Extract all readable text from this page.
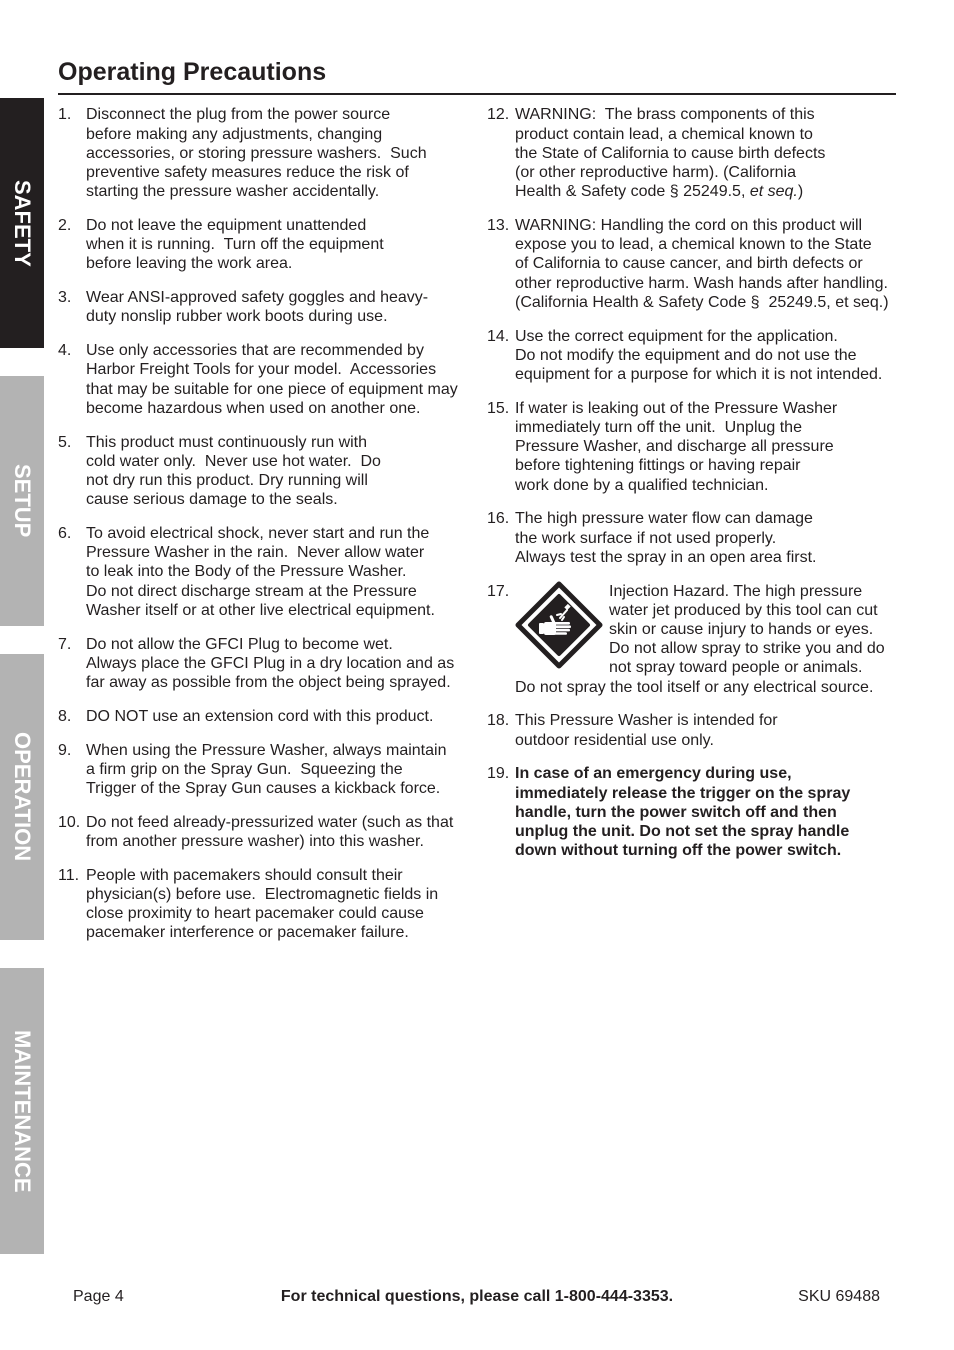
SAFETY
SETUP
OPERATION
MAINTENANCE
Operating Precautions
1. Disconnect the plug from the power source
before making any adjustments, changing
accessories, or storing pressure washers.  Such
preventive safety measures reduce the risk of
starting the pressure washer accidentally.
2. Do not leave the equipment unattended
when it is running.  Turn off the equipment
before leaving the work area.
3. Wear ANSI-approved safety goggles and heavy-
duty nonslip rubber work boots during use.
4. Use only accessories that are recommended by
Harbor Freight Tools for your model.  Accessories
that may be suitable for one piece of equipment may
become hazardous when used on another one.
5. This product must continuously run with
cold water only.  Never use hot water.  Do
not dry run this product. Dry running will
cause serious damage to the seals.
6. To avoid electrical shock, never start and run the
Pressure Washer in the rain.  Never allow water
to leak into the Body of the Pressure Washer.
Do not direct discharge stream at the Pressure
Washer itself or at other live electrical equipment.
7. Do not allow the GFCI Plug to become wet.
Always place the GFCI Plug in a dry location and as
far away as possible from the object being sprayed.
8. DO NOT use an extension cord with this product.
9. When using the Pressure Washer, always maintain
a firm grip on the Spray Gun.  Squeezing the
Trigger of the Spray Gun causes a kickback force.
10. Do not feed already-pressurized water (such as that
from another pressure washer) into this washer.
11. People with pacemakers should consult their
physician(s) before use.  Electromagnetic fields in
close proximity to heart pacemaker could cause
pacemaker interference or pacemaker failure.
12. WARNING:  The brass components of this
product contain lead, a chemical known to
the State of California to cause birth defects
(or other reproductive harm). (California
Health & Safety code § 25249.5, et seq.)
13. WARNING: Handling the cord on this product will
expose you to lead, a chemical known to the State
of California to cause cancer, and birth defects or
other reproductive harm. Wash hands after handling.
(California Health & Safety Code §  25249.5, et seq.)
14. Use the correct equipment for the application.
Do not modify the equipment and do not use the
equipment for a purpose for which it is not intended.
15. If water is leaking out of the Pressure Washer
immediately turn off the unit.  Unplug the
Pressure Washer, and discharge all pressure
before tightening fittings or having repair
work done by a qualified technician.
16. The high pressure water flow can damage
the work surface if not used properly.
Always test the spray in an open area first.
17.	Injection Hazard. The high pressure
water jet produced by this tool can cut
skin or cause injury to hands or eyes.
Do not allow spray to strike you and do
not spray toward people or animals.
Do not spray the tool itself or any electrical source.
18. This Pressure Washer is intended for
outdoor residential use only.
19. In case of an emergency during use,
immediately release the trigger on the spray
handle, turn the power switch off and then
unplug the unit. Do not set the spray handle
down without turning off the power switch.
Page 4	For technical questions, please call 1-800-444-3353.	SKU 69488
